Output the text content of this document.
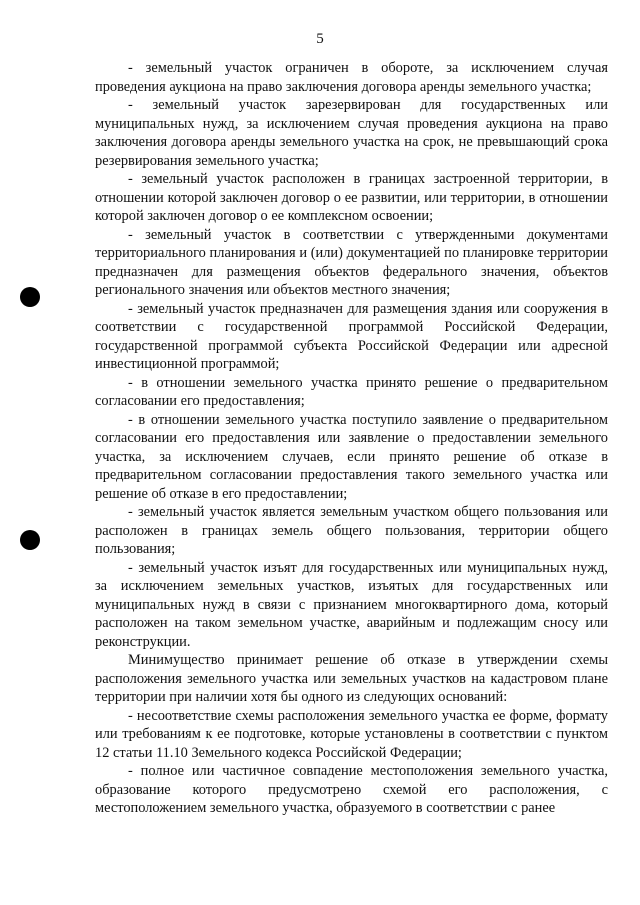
5

- земельный участок ограничен в обороте, за исключением случая проведения аукциона на право заключения договора аренды земельного участка;

- земельный участок зарезервирован для государственных или муниципальных нужд, за исключением случая проведения аукциона на право заключения договора аренды земельного участка на срок, не превышающий срока резервирования земельного участка;

- земельный участок расположен в границах застроенной территории, в отношении которой заключен договор о ее развитии, или территории, в отношении которой заключен договор о ее комплексном освоении;

- земельный участок в соответствии с утвержденными документами территориального планирования и (или) документацией по планировке территории предназначен для размещения объектов федерального значения, объектов регионального значения или объектов местного значения;

- земельный участок предназначен для размещения здания или сооружения в соответствии с государственной программой Российской Федерации, государственной программой субъекта Российской Федерации или адресной инвестиционной программой;

- в отношении земельного участка принято решение о предварительном согласовании его предоставления;

- в отношении земельного участка поступило заявление о предварительном согласовании его предоставления или заявление о предоставлении земельного участка, за исключением случаев, если принято решение об отказе в предварительном согласовании предоставления такого земельного участка или решение об отказе в его предоставлении;

- земельный участок является земельным участком общего пользования или расположен в границах земель общего пользования, территории общего пользования;

- земельный участок изъят для государственных или муниципальных нужд, за исключением земельных участков, изъятых для государственных или муниципальных нужд в связи с признанием многоквартирного дома, который расположен на таком земельном участке, аварийным и подлежащим сносу или реконструкции.

Минимущество принимает решение об отказе в утверждении схемы расположения земельного участка или земельных участков на кадастровом плане территории при наличии хотя бы одного из следующих оснований:

- несоответствие схемы расположения земельного участка ее форме, формату или требованиям к ее подготовке, которые установлены в соответствии с пунктом 12 статьи 11.10 Земельного кодекса Российской Федерации;

- полное или частичное совпадение местоположения земельного участка, образование которого предусмотрено схемой его расположения, с местоположением земельного участка, образуемого в соответствии с ранее
